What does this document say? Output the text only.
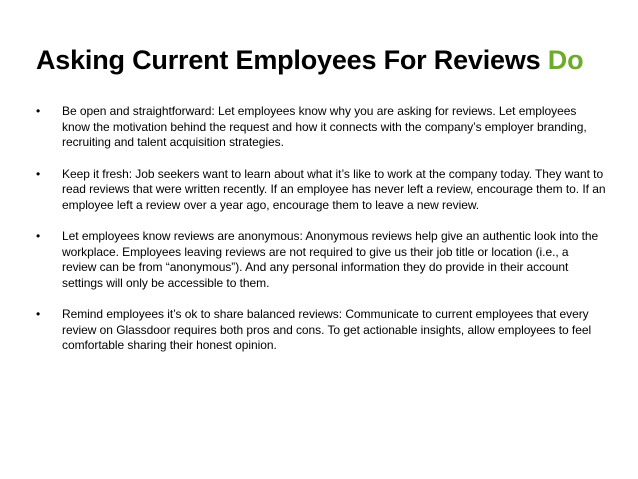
Asking Current Employees For Reviews Do
•	Be open and straightforward: Let employees know why you are asking for reviews. Let employees know the motivation behind the request and how it connects with the company’s employer branding, recruiting and talent acquisition strategies.
•	Keep it fresh: Job seekers want to learn about what it’s like to work at the company today. They want to read reviews that were written recently. If an employee has never left a review, encourage them to. If an employee left a review over a year ago, encourage them to leave a new review.
•	Let employees know reviews are anonymous: Anonymous reviews help give an authentic look into the workplace. Employees leaving reviews are not required to give us their job title or location (i.e., a review can be from “anonymous”). And any personal information they do provide in their account settings will only be accessible to them.
•	Remind employees it’s ok to share balanced reviews: Communicate to current employees that every review on Glassdoor requires both pros and cons. To get actionable insights, allow employees to feel comfortable sharing their honest opinion.
